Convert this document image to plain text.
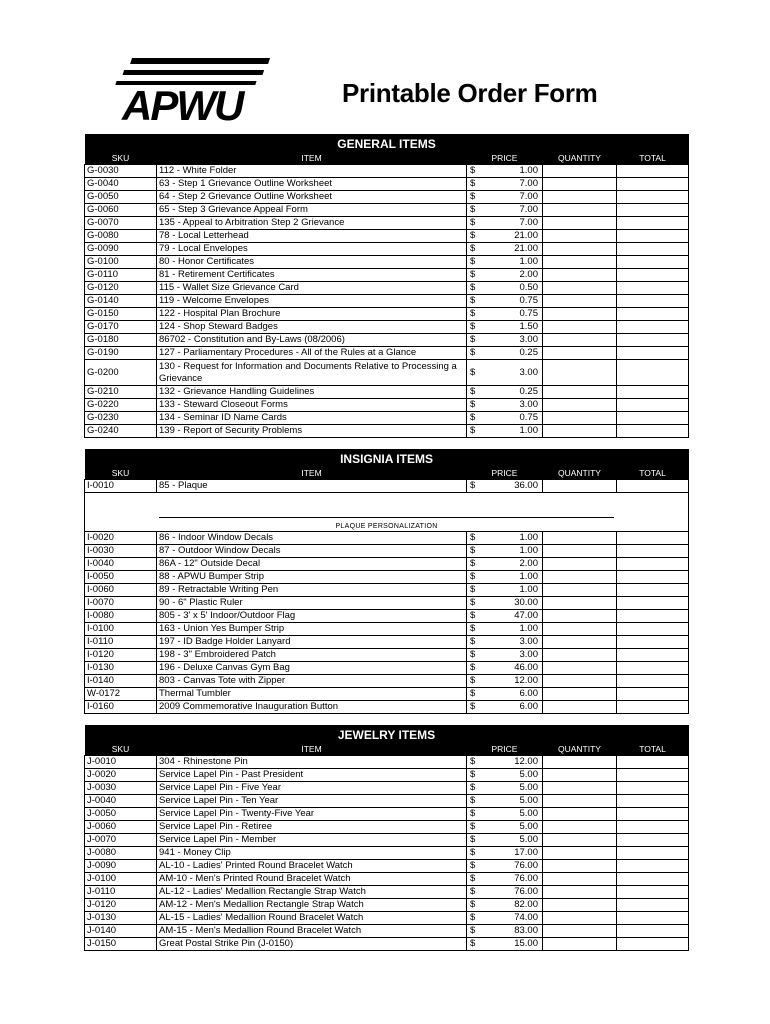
APWU	Printable Order Form
GENERAL ITEMS					
SKU	ITEM	PRICE		QUANTITY	TOTAL
G-0030	112 - White Folder	$	1.00		
G-0040	63 - Step 1 Grievance Outline Worksheet	$	7.00		
G-0050	64 - Step 2 Grievance Outline Worksheet	$	7.00		
G-0060	65 - Step 3 Grievance Appeal Form	$	7.00		
G-0070	135 - Appeal to Arbitration Step 2 Grievance	$	7.00		
G-0080	78 - Local Letterhead	$	21.00		
G-0090	79 - Local Envelopes	$	21.00		
G-0100	80 - Honor Certificates	$	1.00		
G-0110	81 - Retirement Certificates	$	2.00		
G-0120	115 - Wallet Size Grievance Card	$	0.50		
G-0140	119 - Welcome Envelopes	$	0.75		
G-0150	122 - Hospital Plan Brochure	$	0.75		
G-0170	124 - Shop Steward Badges	$	1.50		
G-0180	86702 - Constitution and By-Laws (08/2006)	$	3.00		
G-0190	127 - Parliamentary Procedures - All of the Rules at a Glance	$	0.25		
G-0200	130 - Request for Information and Documents Relative to Processing a Grievance	$	3.00		
G-0210	132 - Grievance Handling Guidelines	$	0.25		
G-0220	133 - Steward Closeout Forms	$	3.00		
G-0230	134 - Seminar ID Name Cards	$	0.75		
G-0240	139 - Report of Security Problems	$	1.00		
INSIGNIA ITEMS					
SKU	ITEM	PRICE		QUANTITY	TOTAL
I-0010	85 - Plaque	$	36.00		

PLAQUE PERSONALIZATION					

I-0020	86 - Indoor Window Decals	$	1.00		
I-0030	87 - Outdoor Window Decals	$	1.00		
I-0040	86A - 12" Outside Decal	$	2.00		
I-0050	88 - APWU Bumper Strip	$	1.00		
I-0060	89 - Retractable Writing Pen	$	1.00		
I-0070	90 - 6" Plastic Ruler	$	30.00		
I-0080	805 - 3' x 5' Indoor/Outdoor Flag	$	47.00		
I-0100	163 - Union Yes Bumper Strip	$	1.00		
I-0110	197 - ID Badge Holder Lanyard	$	3.00		
I-0120	198 - 3" Embroidered Patch	$	3.00		
I-0130	196 - Deluxe Canvas Gym Bag	$	46.00		
I-0140	803 - Canvas Tote with Zipper	$	12.00		
W-0172	Thermal Tumbler	$	6.00		
I-0160	2009 Commemorative Inauguration Button	$	6.00		
JEWELRY ITEMS					
SKU	ITEM	PRICE		QUANTITY	TOTAL
J-0010	304 - Rhinestone Pin	$	12.00		
J-0020	Service Lapel Pin - Past President	$	5.00		
J-0030	Service Lapel Pin - Five Year	$	5.00		
J-0040	Service Lapel Pin - Ten Year	$	5.00		
J-0050	Service Lapel Pin - Twenty-Five Year	$	5.00		
J-0060	Service Lapel Pin - Retiree	$	5.00		
J-0070	Service Lapel Pin - Member	$	5.00		
J-0080	941 - Money Clip	$	17.00		
J-0090	AL-10 - Ladies' Printed Round Bracelet Watch	$	76.00		
J-0100	AM-10 - Men's Printed Round Bracelet Watch	$	76.00		
J-0110	AL-12 - Ladies' Medallion Rectangle Strap Watch	$	76.00		
J-0120	AM-12 - Men's Medallion Rectangle Strap Watch	$	82.00		
J-0130	AL-15 - Ladies' Medallion Round Bracelet Watch	$	74.00		
J-0140	AM-15 - Men's Medallion Round Bracelet Watch	$	83.00		
J-0150	Great Postal Strike Pin (J-0150)	$	15.00		
